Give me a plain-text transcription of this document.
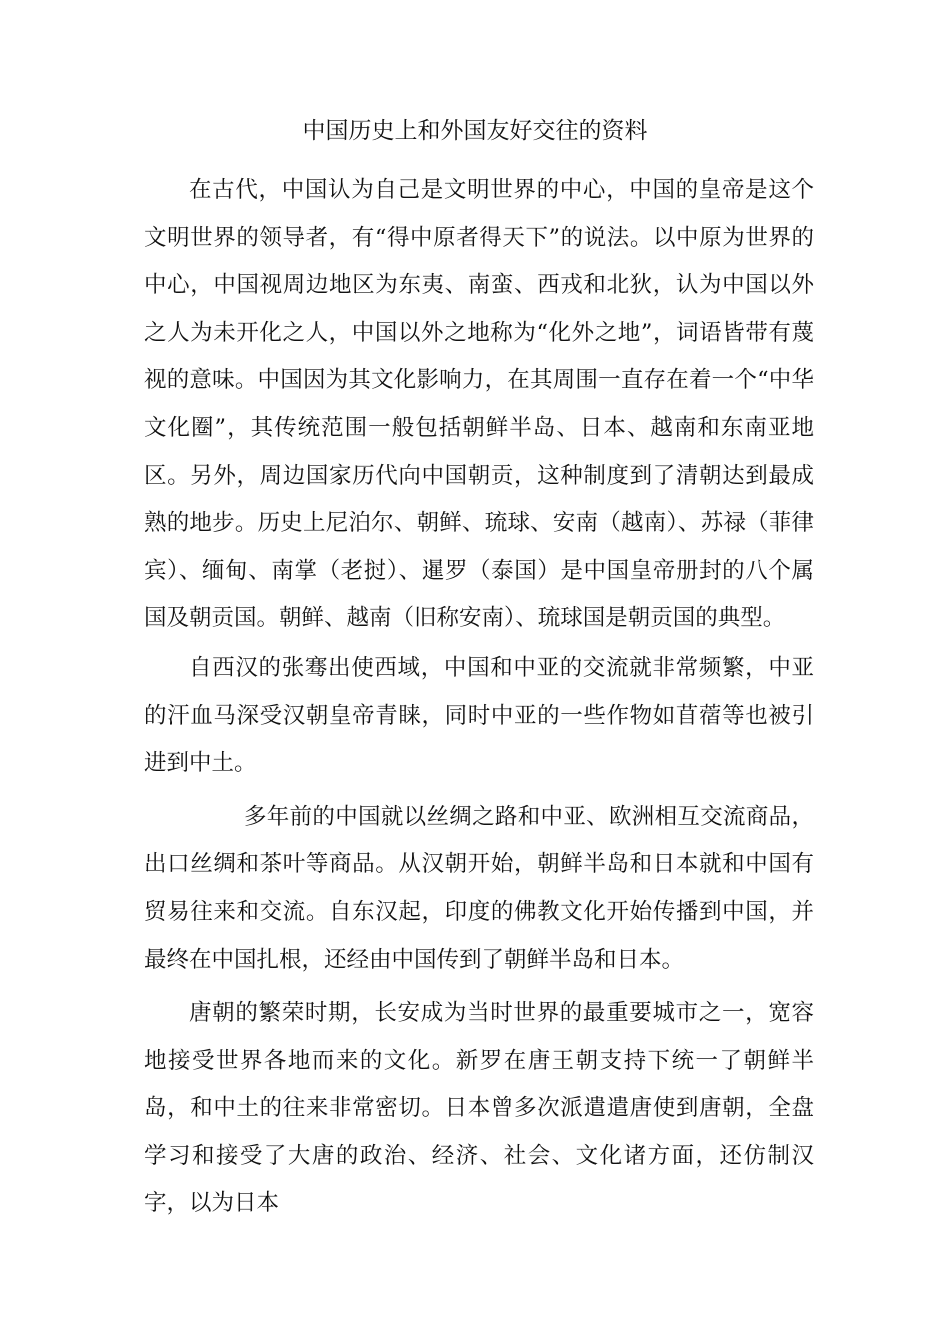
中国历史上和外国友好交往的资料

在古代，中国认为自己是文明世界的中心，中国的皇帝是这个文明世界的领导者，有“得中原者得天下”的说法。以中原为世界的中心，中国视周边地区为东夷、南蛮、西戎和北狄，认为中国以外之人为未开化之人，中国以外之地称为“化外之地”，词语皆带有蔑视的意味。中国因为其文化影响力，在其周围一直存在着一个“中华文化圈”，其传统范围一般包括朝鲜半岛、日本、越南和东南亚地区。另外，周边国家历代向中国朝贡，这种制度到了清朝达到最成熟的地步。历史上尼泊尔、朝鲜、琉球、安南（越南）、苏禄（菲律宾）、缅甸、南掌（老挝）、暹罗（泰国）是中国皇帝册封的八个属国及朝贡国。朝鲜、越南（旧称安南）、琉球国是朝贡国的典型。

自西汉的张骞出使西域，中国和中亚的交流就非常频繁，中亚的汗血马深受汉朝皇帝青睐，同时中亚的一些作物如苜蓿等也被引进到中土。

多年前的中国就以丝绸之路和中亚、欧洲相互交流商品，出口丝绸和茶叶等商品。从汉朝开始，朝鲜半岛和日本就和中国有贸易往来和交流。自东汉起，印度的佛教文化开始传播到中国，并最终在中国扎根，还经由中国传到了朝鲜半岛和日本。

唐朝的繁荣时期，长安成为当时世界的最重要城市之一，宽容地接受世界各地而来的文化。新罗在唐王朝支持下统一了朝鲜半岛，和中土的往来非常密切。日本曾多次派遣遣唐使到唐朝，全盘学习和接受了大唐的政治、经济、社会、文化诸方面，还仿制汉字，以为日本
